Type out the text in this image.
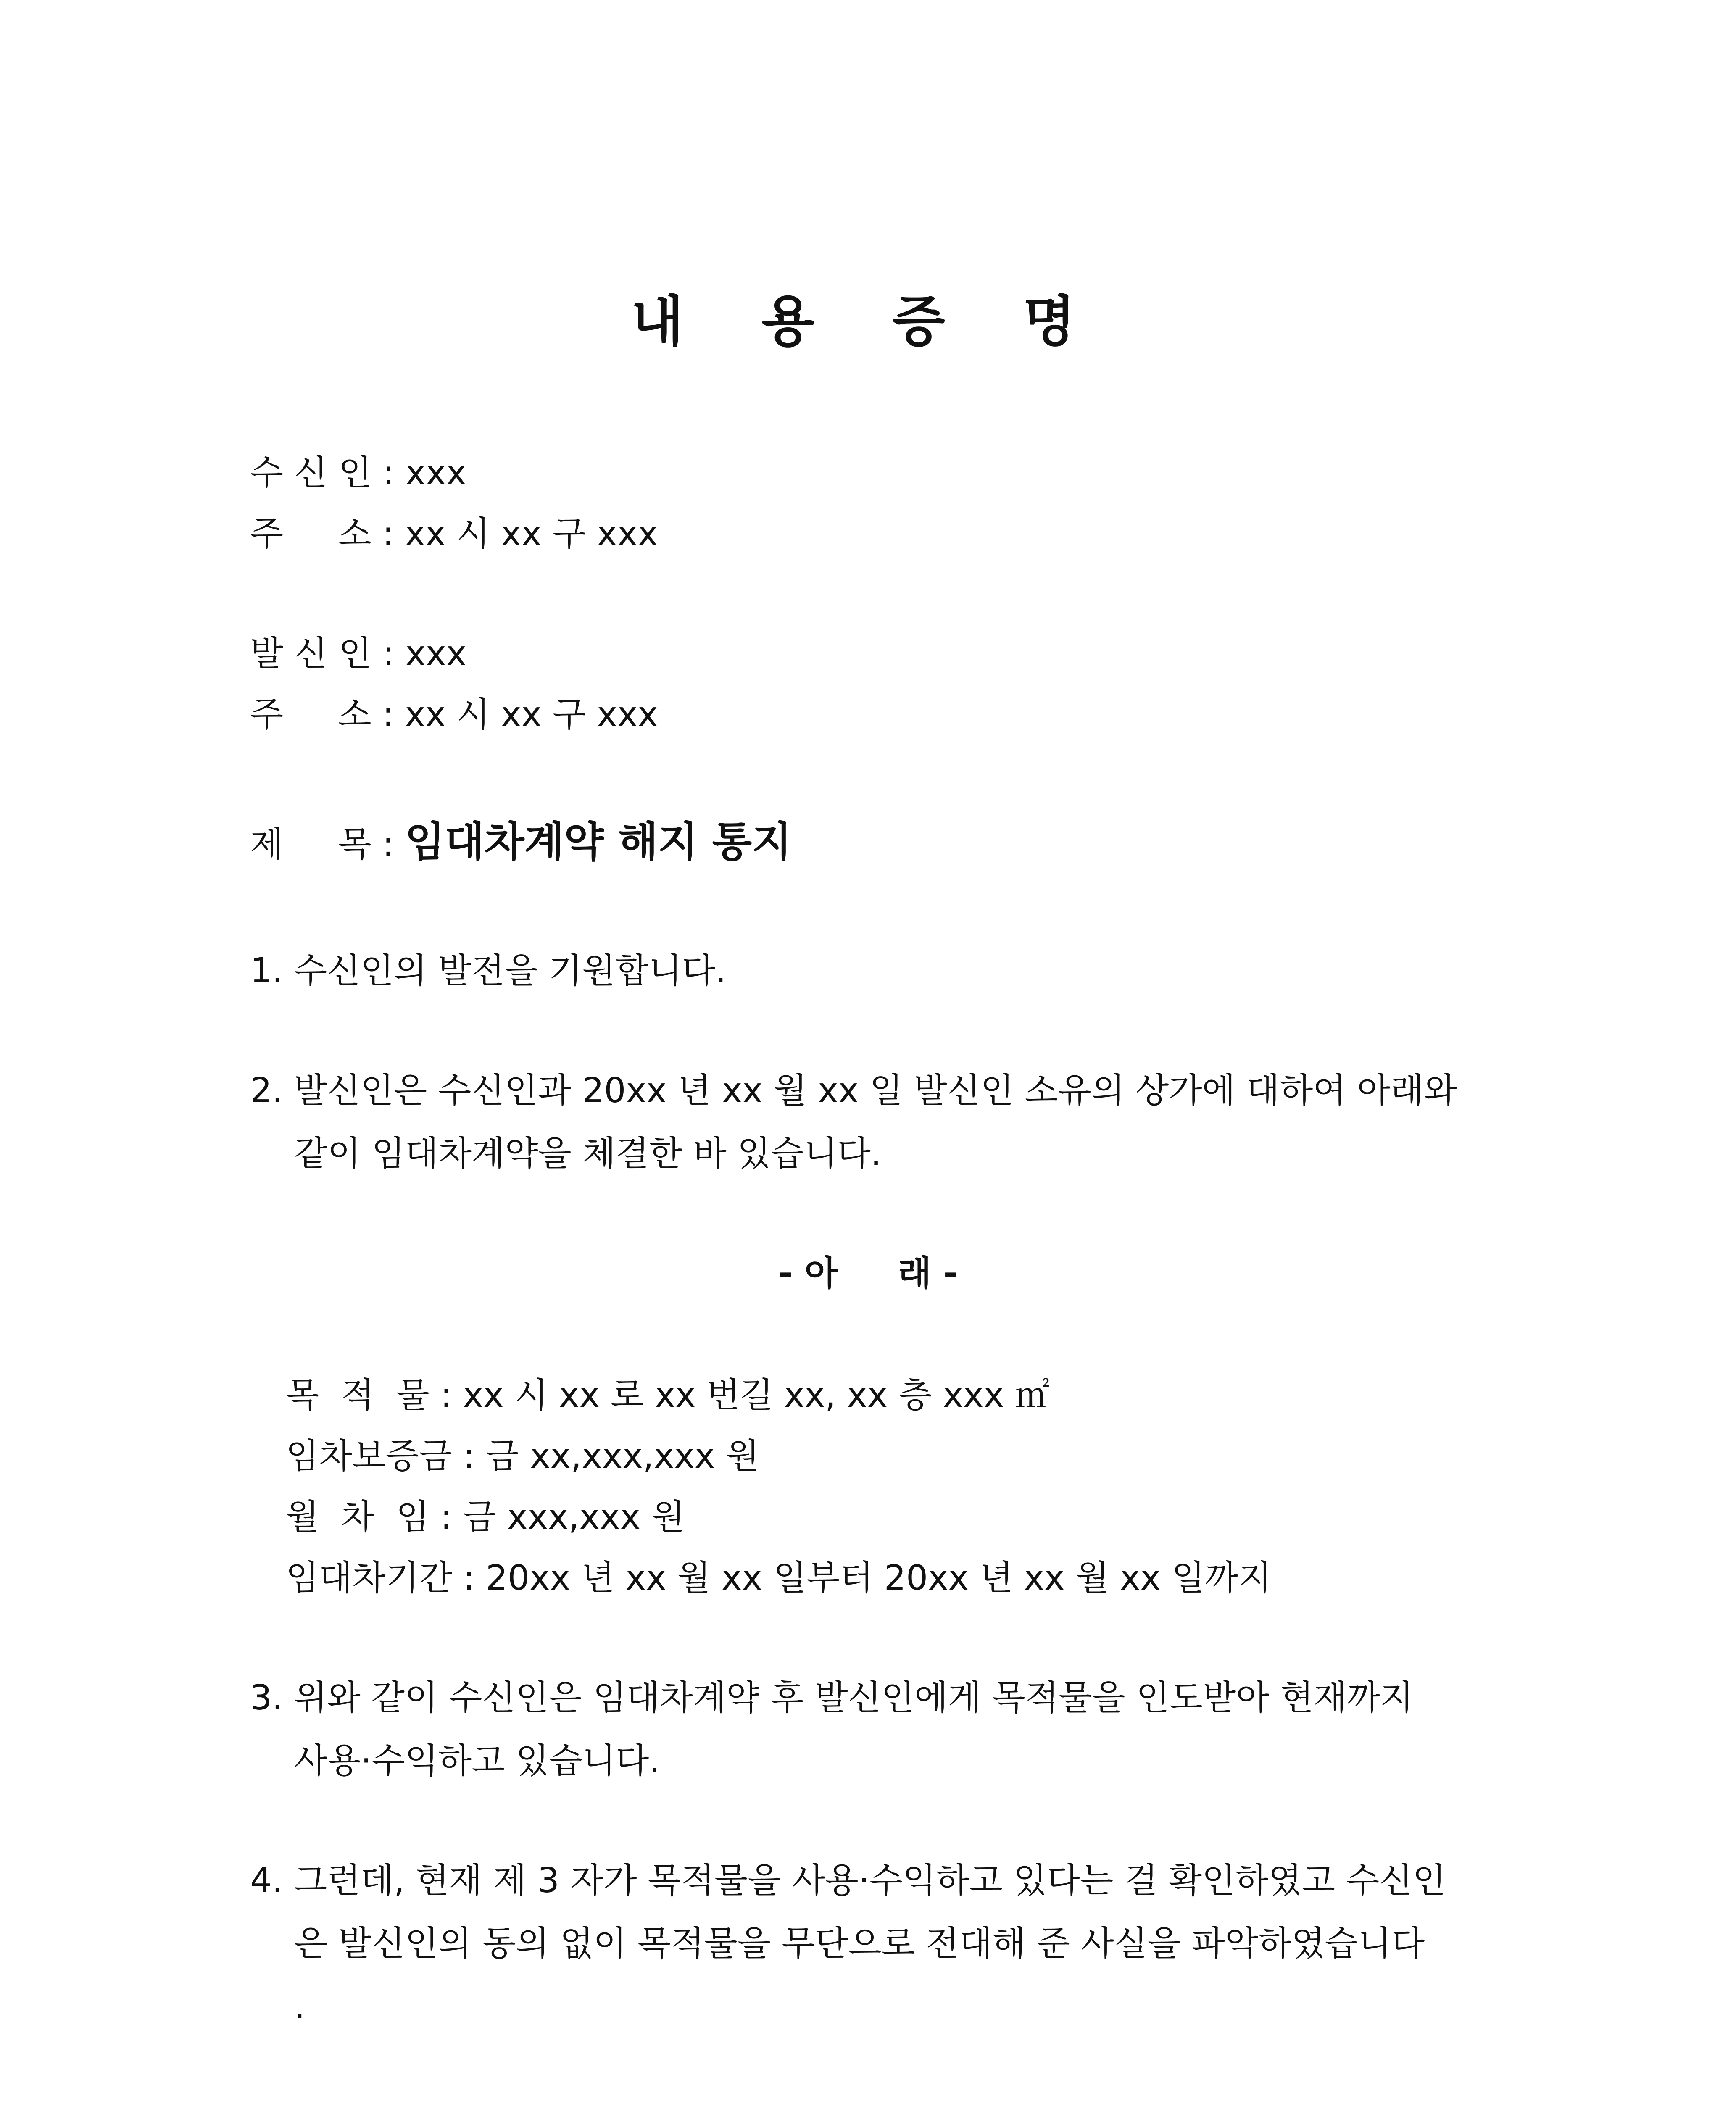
내 용 증 명
수 신 인 : xxx
주     소 : xx 시 xx 구 xxx
발 신 인 : xxx
주     소 : xx 시 xx 구 xxx
제     목 : 임대차계약 해지 통지
1. 수신인의 발전을 기원합니다.
2. 발신인은 수신인과 20xx 년 xx 월 xx 일 발신인 소유의 상가에 대하여 아래와
같이 임대차계약을 체결한 바 있습니다.
- 아     래 -
목  적  물 : xx 시 xx 로 xx 번길 xx, xx 층 xxx ㎡
임차보증금 : 금 xx,xxx,xxx 원
월  차  임 : 금 xxx,xxx 원
임대차기간 : 20xx 년 xx 월 xx 일부터 20xx 년 xx 월 xx 일까지
3. 위와 같이 수신인은 임대차계약 후 발신인에게 목적물을 인도받아 현재까지
사용·수익하고 있습니다.
4. 그런데, 현재 제 3 자가 목적물을 사용·수익하고 있다는 걸 확인하였고 수신인
은 발신인의 동의 없이 목적물을 무단으로 전대해 준 사실을 파악하였습니다
.
